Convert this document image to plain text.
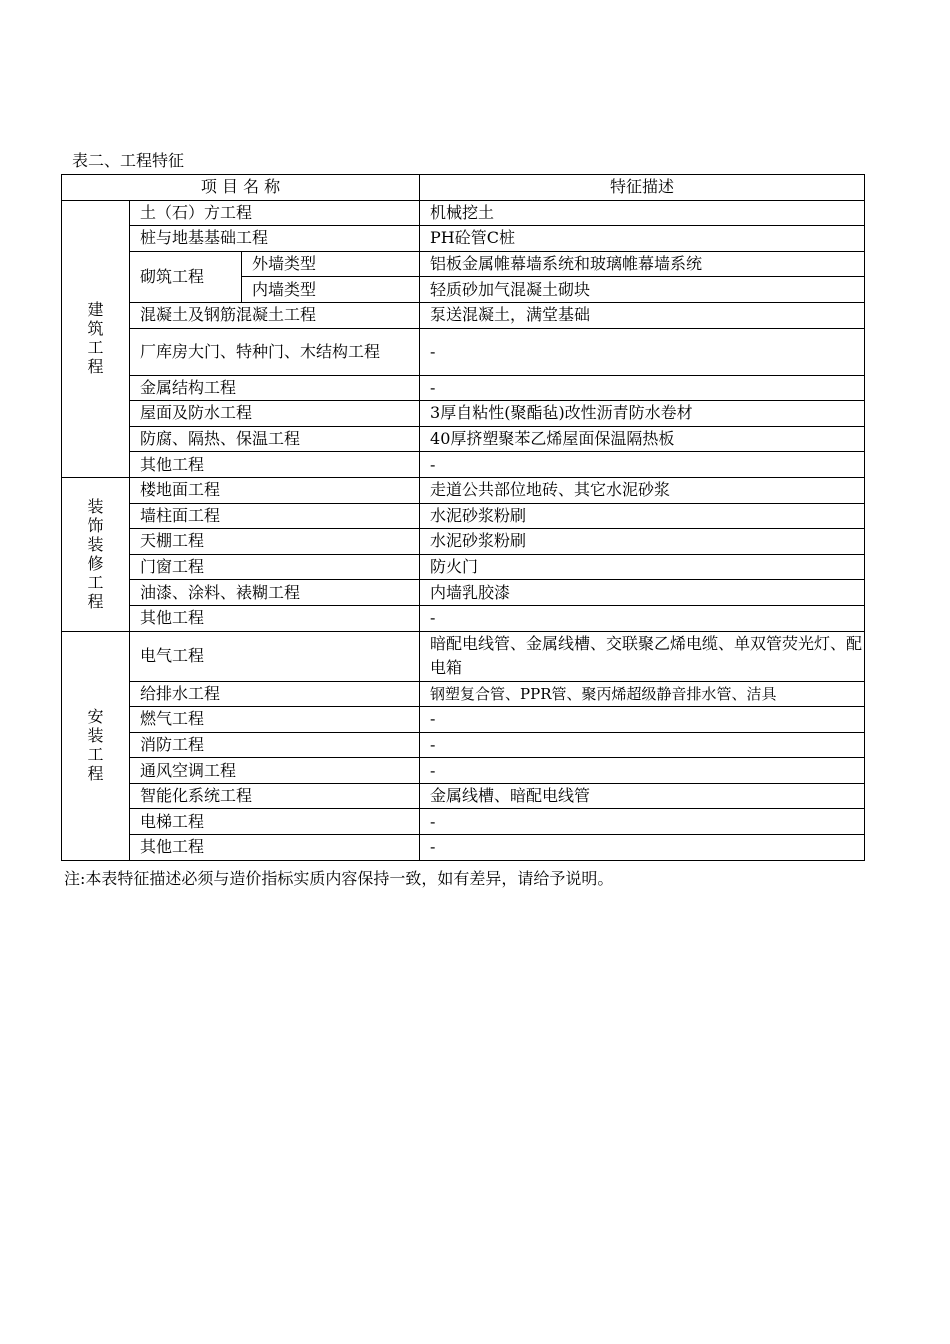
表二、工程特征
项 目 名 称			特征描述
建筑工程	土（石）方工程		机械挖土
	桩与地基基础工程		PH砼管C桩
	砌筑工程	外墙类型	铝板金属帷幕墙系统和玻璃帷幕墙系统
		内墙类型	轻质砂加气混凝土砌块
	混凝土及钢筋混凝土工程		泵送混凝土，满堂基础
	厂库房大门、特种门、木结构工程		-
	金属结构工程		-
	屋面及防水工程		3厚自粘性(聚酯毡)改性沥青防水卷材
	防腐、隔热、保温工程		40厚挤塑聚苯乙烯屋面保温隔热板
	其他工程		-
装饰装修工程	楼地面工程		走道公共部位地砖、其它水泥砂浆
	墙柱面工程		水泥砂浆粉刷
	天棚工程		水泥砂浆粉刷
	门窗工程		防火门
	油漆、涂料、裱糊工程		内墙乳胶漆
	其他工程		-
安装工程	电气工程		暗配电线管、金属线槽、交联聚乙烯电缆、单双管荧光灯、配电箱
	给排水工程		钢塑复合管、PPR管、聚丙烯超级静音排水管、洁具
	燃气工程		-
	消防工程		-
	通风空调工程		-
	智能化系统工程		金属线槽、暗配电线管
	电梯工程		-
	其他工程		-
注:本表特征描述必须与造价指标实质内容保持一致，如有差异，请给予说明。
